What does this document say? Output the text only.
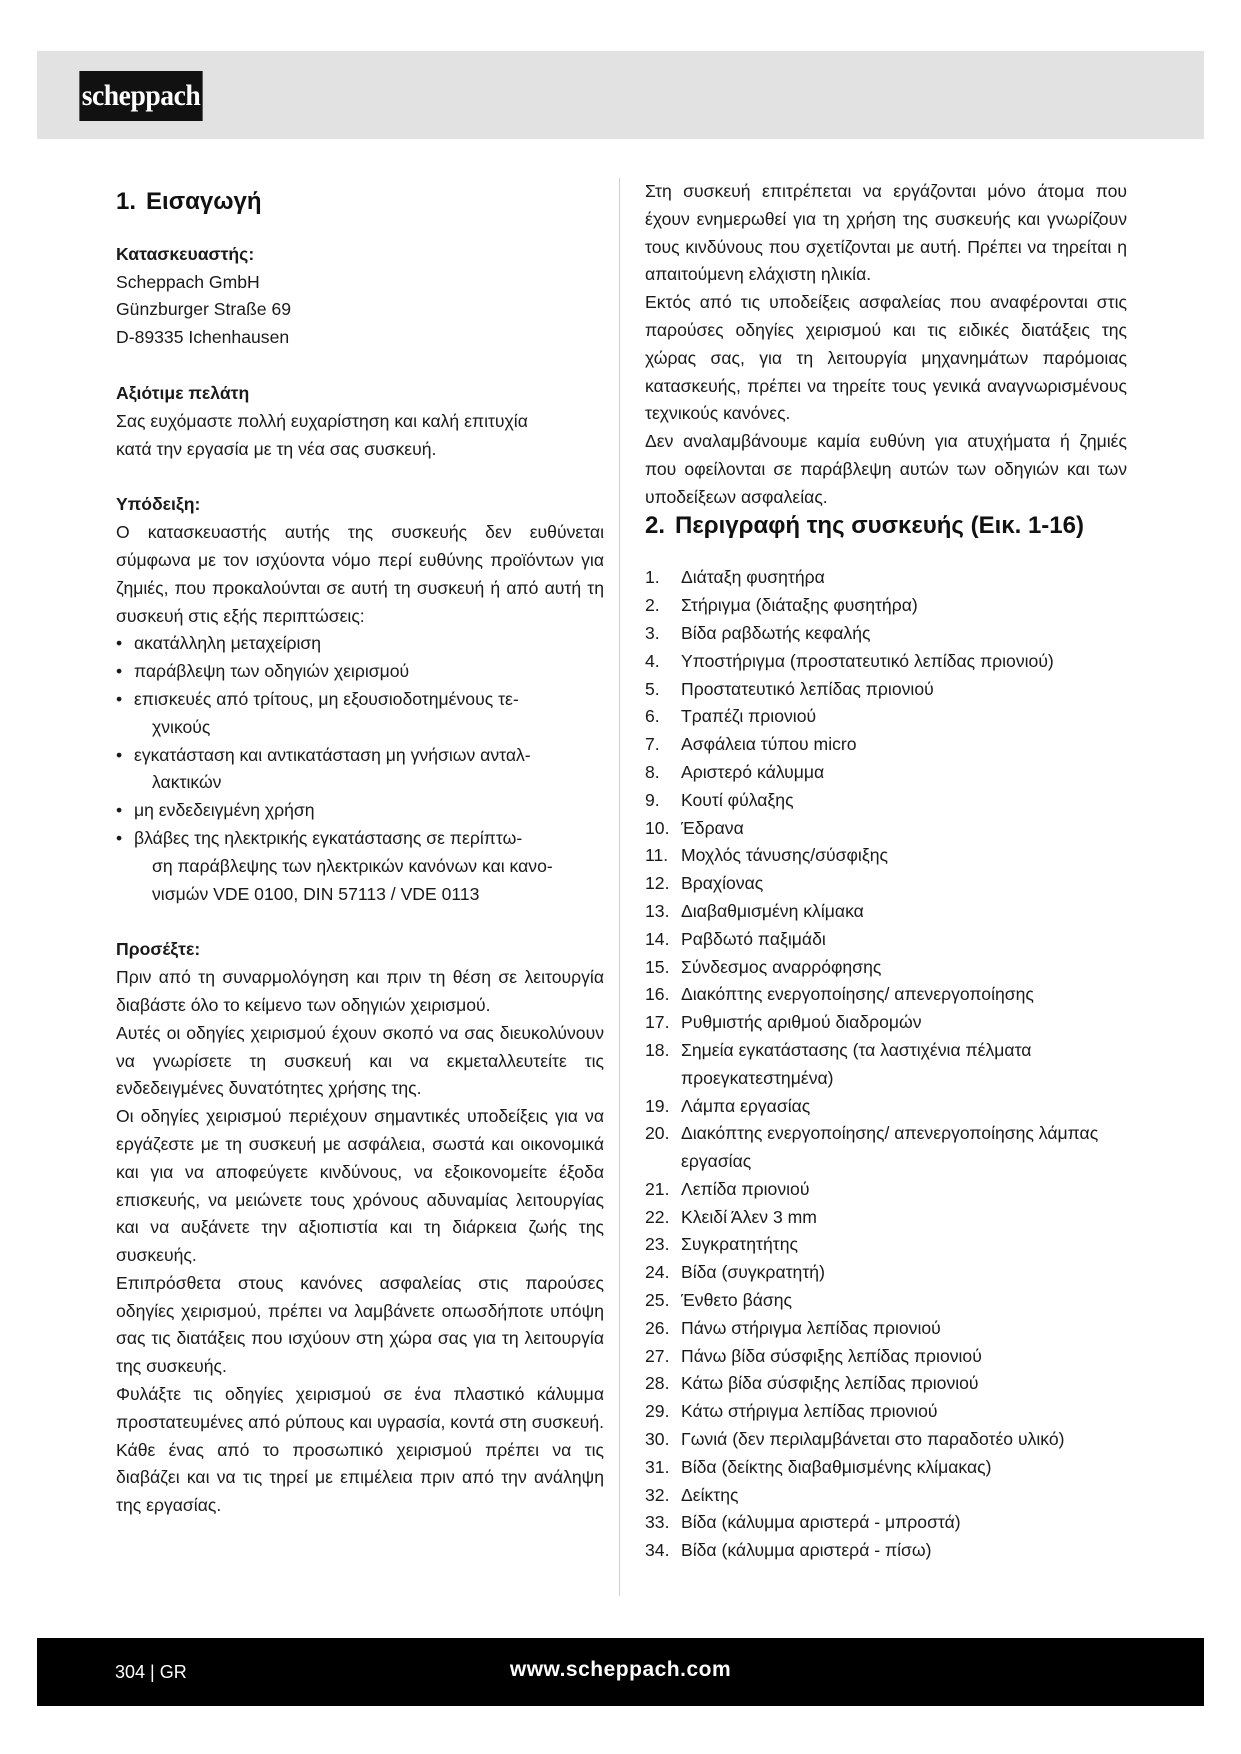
scheppach
1. Εισαγωγή
Κατασκευαστής:
Scheppach GmbH
Günzburger Straße 69
D-89335 Ichenhausen
Αξιότιμε πελάτη
Σας ευχόμαστε πολλή ευχαρίστηση και καλή επιτυχία
κατά την εργασία με τη νέα σας συσκευή.
Υπόδειξη:

Ο κατασκευαστής αυτής της συσκευής δεν ευθύνεται σύμφωνα με τον ισχύοντα νόμο περί ευθύνης προϊόντων για ζημιές, που προκαλούνται σε αυτή τη συσκευή ή από αυτή τη συσκευή στις εξής περιπτώσεις:

• ακατάλληλη μεταχείριση
• παράβλεψη των οδηγιών χειρισμού
• επισκευές από τρίτους, μη εξουσιοδοτημένους τε-
χνικούς
• εγκατάσταση και αντικατάσταση μη γνήσιων ανταλ-
λακτικών
• μη ενδεδειγμένη χρήση
• βλάβες της ηλεκτρικής εγκατάστασης σε περίπτω-
ση παράβλεψης των ηλεκτρικών κανόνων και κανο-
νισμών VDE 0100, DIN 57113 / VDE 0113
Προσέξτε:

Πριν από τη συναρμολόγηση και πριν τη θέση σε λειτουργία διαβάστε όλο το κείμενο των οδηγιών χειρισμού.

Αυτές οι οδηγίες χειρισμού έχουν σκοπό να σας διευκολύνουν να γνωρίσετε τη συσκευή και να εκμεταλλευτείτε τις ενδεδειγμένες δυνατότητες χρήσης της.

Οι οδηγίες χειρισμού περιέχουν σημαντικές υποδείξεις για να εργάζεστε με τη συσκευή με ασφάλεια, σωστά και οικονομικά και για να αποφεύγετε κινδύνους, να εξοικονομείτε έξοδα επισκευής, να μειώνετε τους χρόνους αδυναμίας λειτουργίας και να αυξάνετε την αξιοπιστία και τη διάρκεια ζωής της συσκευής.

Επιπρόσθετα στους κανόνες ασφαλείας στις παρούσες οδηγίες χειρισμού, πρέπει να λαμβάνετε οπωσδήποτε υπόψη σας τις διατάξεις που ισχύουν στη χώρα σας για τη λειτουργία της συσκευής.

Φυλάξτε τις οδηγίες χειρισμού σε ένα πλαστικό κάλυμμα προστατευμένες από ρύπους και υγρασία, κοντά στη συσκευή. Κάθε ένας από το προσωπικό χειρισμού πρέπει να τις διαβάζει και να τις τηρεί με επιμέλεια πριν από την ανάληψη της εργασίας.

Στη συσκευή επιτρέπεται να εργάζονται μόνο άτομα που έχουν ενημερωθεί για τη χρήση της συσκευής και γνωρίζουν τους κινδύνους που σχετίζονται με αυτή. Πρέπει να τηρείται η απαιτούμενη ελάχιστη ηλικία.

Εκτός από τις υποδείξεις ασφαλείας που αναφέρονται στις παρούσες οδηγίες χειρισμού και τις ειδικές διατάξεις της χώρας σας, για τη λειτουργία μηχανημάτων παρόμοιας κατασκευής, πρέπει να τηρείτε τους γενικά αναγνωρισμένους τεχνικούς κανόνες.

Δεν αναλαμβάνουμε καμία ευθύνη για ατυχήματα ή ζημιές που οφείλονται σε παράβλεψη αυτών των οδηγιών και των υποδείξεων ασφαλείας.

2. Περιγραφή της συσκευής (Εικ. 1-16)
1.	Διάταξη φυσητήρα
2.	Στήριγμα (διάταξης φυσητήρα)
3.	Βίδα ραβδωτής κεφαλής
4.	Υποστήριγμα (προστατευτικό λεπίδας πριονιού)
5.	Προστατευτικό λεπίδας πριονιού
6.	Τραπέζι πριονιού
7.	Ασφάλεια τύπου micro
8.	Αριστερό κάλυμμα
9.	Κουτί φύλαξης
10. Έδρανα
11. Μοχλός τάνυσης/σύσφιξης
12. Βραχίονας
13. Διαβαθμισμένη κλίμακα
14. Ραβδωτό παξιμάδι
15. Σύνδεσμος αναρρόφησης
16. Διακόπτης ενεργοποίησης/ απενεργοποίησης
17. Ρυθμιστής αριθμού διαδρομών
18. Σημεία εγκατάστασης (τα λαστιχένια πέλματα προεγκατεστημένα)
19. Λάμπα εργασίας
20. Διακόπτης ενεργοποίησης/ απενεργοποίησης λάμπας εργασίας
21. Λεπίδα πριονιού
22. Κλειδί Άλεν 3 mm
23. Συγκρατητήτης
24. Βίδα (συγκρατητή)
25. Ένθετο βάσης
26. Πάνω στήριγμα λεπίδας πριονιού
27. Πάνω βίδα σύσφιξης λεπίδας πριονιού
28. Κάτω βίδα σύσφιξης λεπίδας πριονιού
29. Κάτω στήριγμα λεπίδας πριονιού
30. Γωνιά (δεν περιλαμβάνεται στο παραδοτέο υλικό)
31. Βίδα (δείκτης διαβαθμισμένης κλίμακας)
32. Δείκτης
33. Βίδα (κάλυμμα αριστερά - μπροστά)
34. Βίδα (κάλυμμα αριστερά - πίσω)
304 | GR	www.scheppach.com
